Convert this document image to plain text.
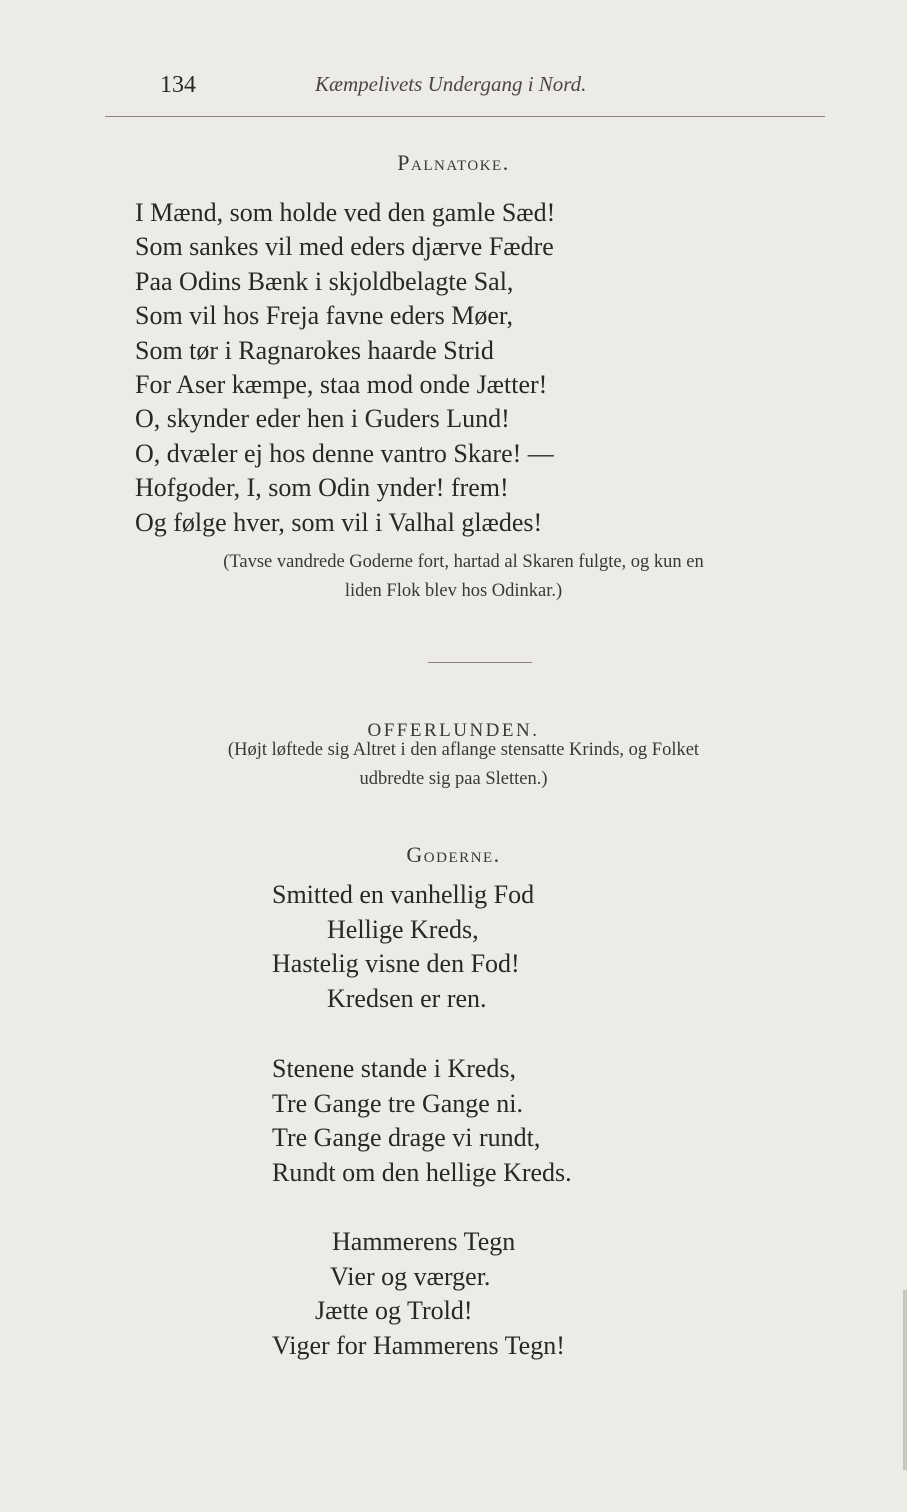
134	Kæmpelivets Undergang i Nord.
Palnatoke.
I Mænd, som holde ved den gamle Sæd!
Som sankes vil med eders djærve Fædre
Paa Odins Bænk i skjoldbelagte Sal,
Som vil hos Freja favne eders Møer,
Som tør i Ragnarokes haarde Strid
For Aser kæmpe, staa mod onde Jætter!
O, skynder eder hen i Guders Lund!
O, dvæler ej hos denne vantro Skare! —
Hofgoder, I, som Odin ynder! frem!
Og følge hver, som vil i Valhal glædes!
(Tavse vandrede Goderne fort, hartad al Skaren fulgte, og kun en
liden Flok blev hos Odinkar.)
OFFERLUNDEN.
(Højt løftede sig Altret i den aflange stensatte Krinds, og Folket
udbredte sig paa Sletten.)
Goderne.
Smitted en vanhellig Fod
Hellige Kreds,
Hastelig visne den Fod!
Kredsen er ren.
Stenene stande i Kreds,
Tre Gange tre Gange ni.
Tre Gange drage vi rundt,
Rundt om den hellige Kreds.
Hammerens Tegn
Vier og værger.
Jætte og Trold!
Viger for Hammerens Tegn!
